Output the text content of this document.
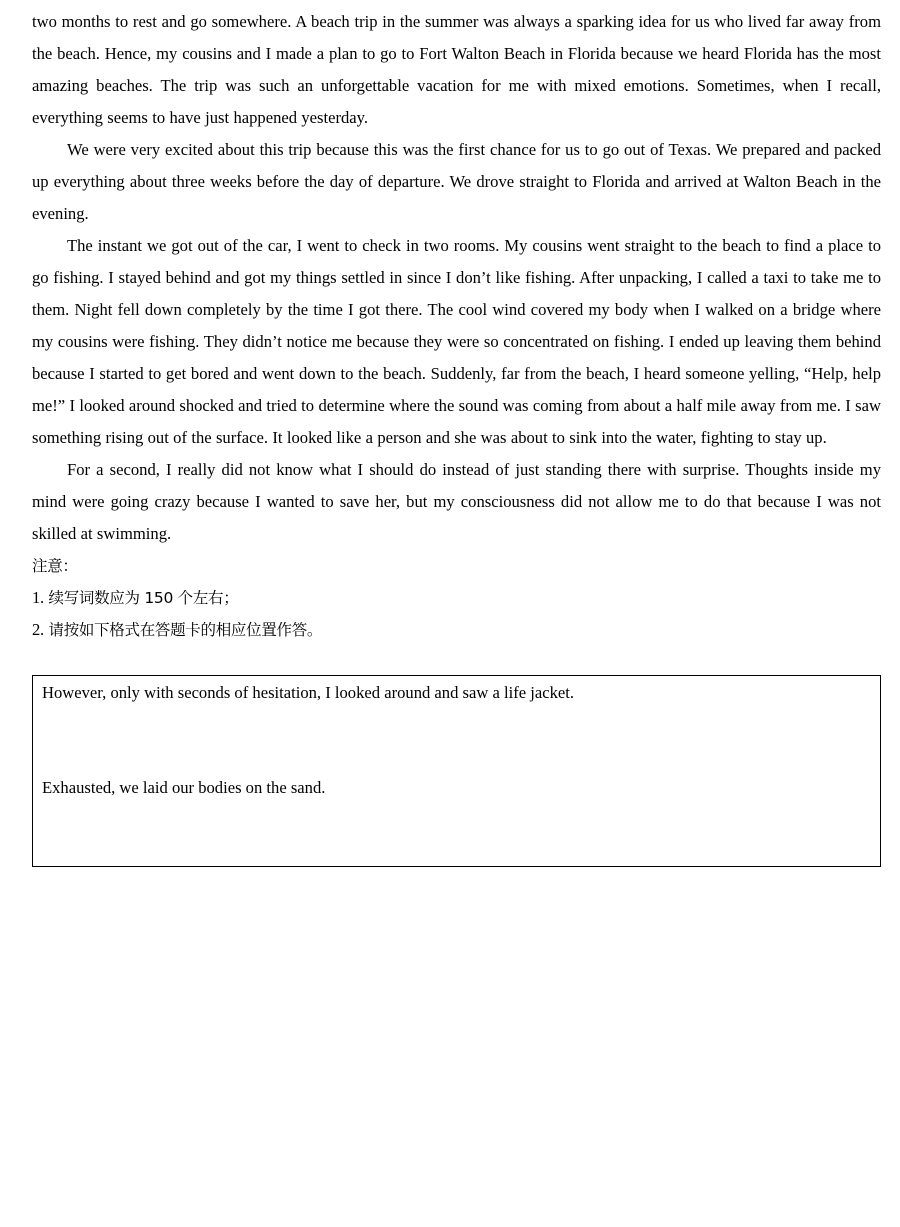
two months to rest and go somewhere. A beach trip in the summer was always a sparking idea for us who lived far away from the beach. Hence, my cousins and I made a plan to go to Fort Walton Beach in Florida because we heard Florida has the most amazing beaches. The trip was such an unforgettable vacation for me with mixed emotions. Sometimes, when I recall, everything seems to have just happened yesterday.

We were very excited about this trip because this was the first chance for us to go out of Texas. We prepared and packed up everything about three weeks before the day of departure. We drove straight to Florida and arrived at Walton Beach in the evening.

The instant we got out of the car, I went to check in two rooms. My cousins went straight to the beach to find a place to go fishing. I stayed behind and got my things settled in since I don’t like fishing. After unpacking, I called a taxi to take me to them. Night fell down completely by the time I got there. The cool wind covered my body when I walked on a bridge where my cousins were fishing. They didn’t notice me because they were so concentrated on fishing. I ended up leaving them behind because I started to get bored and went down to the beach. Suddenly, far from the beach, I heard someone yelling, “Help, help me!” I looked around shocked and tried to determine where the sound was coming from about a half mile away from me. I saw something rising out of the surface. It looked like a person and she was about to sink into the water, fighting to stay up.

For a second, I really did not know what I should do instead of just standing there with surprise. Thoughts inside my mind were going crazy because I wanted to save her, but my consciousness did not allow me to do that because I was not skilled at swimming.

注意：

1. 续写词数应为 150 个左右；

2. 请按如下格式在答题卡的相应位置作答。

However, only with seconds of hesitation, I looked around and saw a life jacket.

Exhausted, we laid our bodies on the sand.
